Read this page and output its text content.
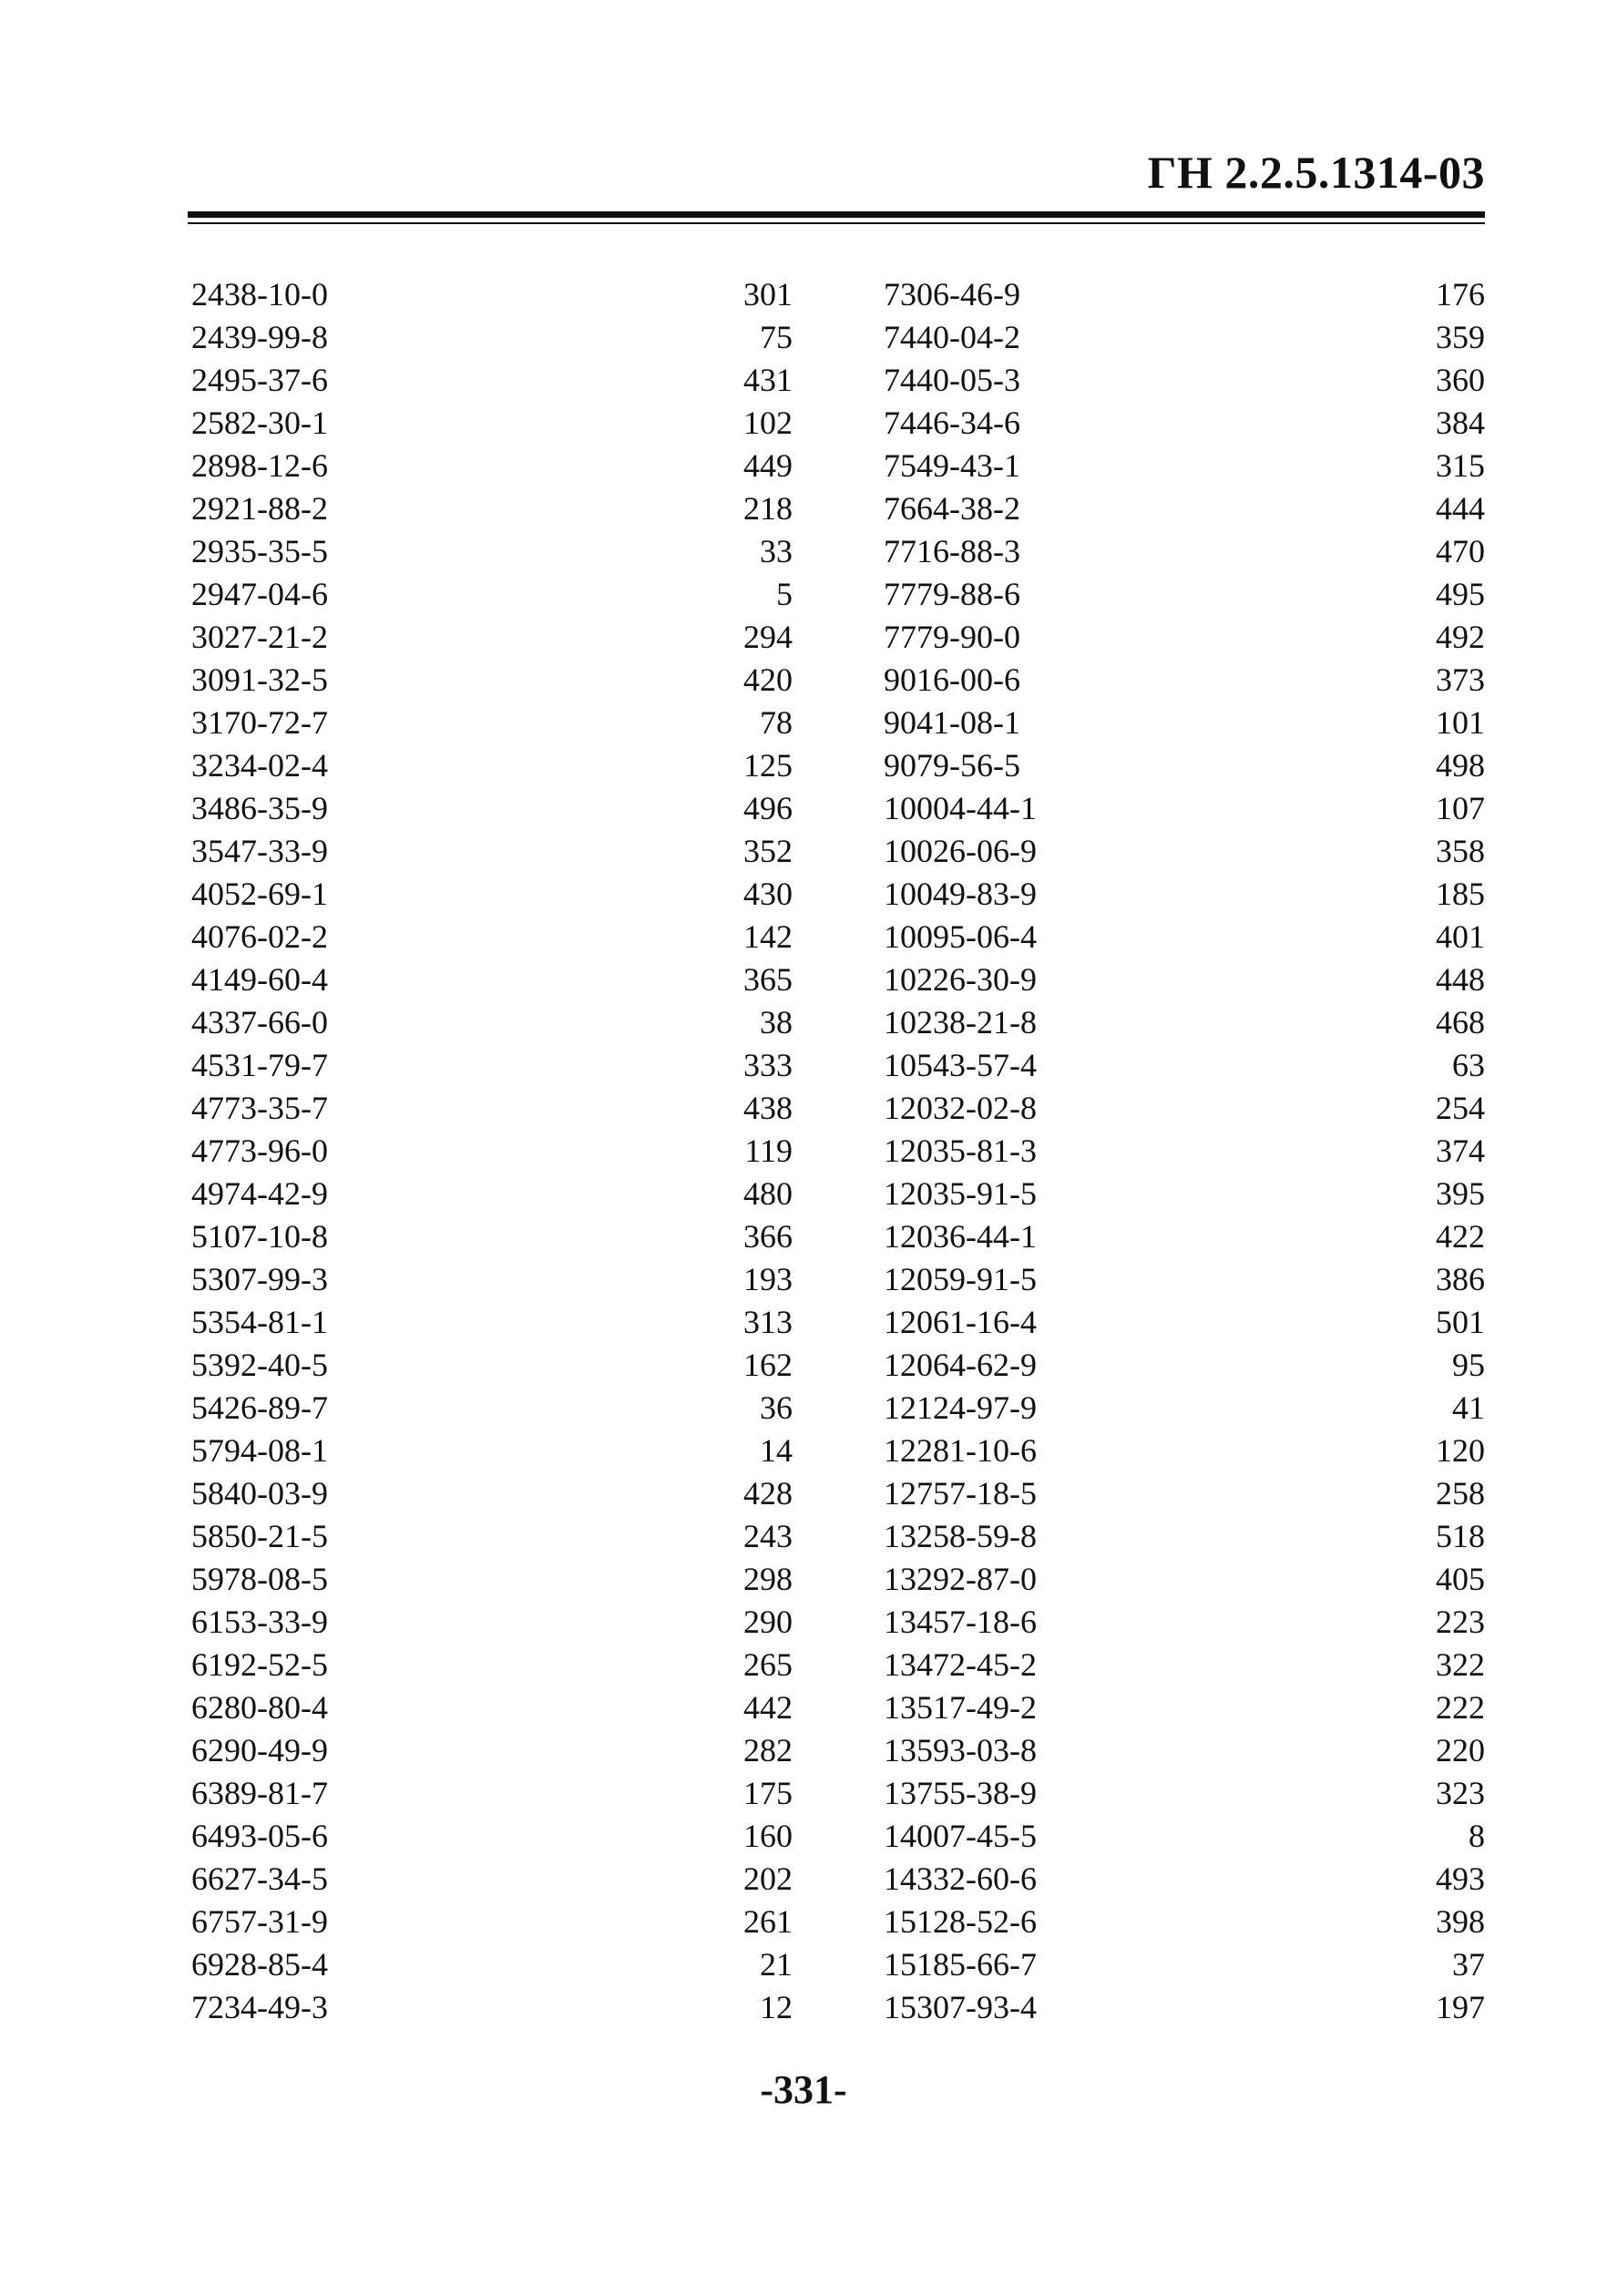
ГН 2.2.5.1314-03
2438-10-0	301	7306-46-9	176
2439-99-8	75	7440-04-2	359
2495-37-6	431	7440-05-3	360
2582-30-1	102	7446-34-6	384
2898-12-6	449	7549-43-1	315
2921-88-2	218	7664-38-2	444
2935-35-5	33	7716-88-3	470
2947-04-6	5	7779-88-6	495
3027-21-2	294	7779-90-0	492
3091-32-5	420	9016-00-6	373
3170-72-7	78	9041-08-1	101
3234-02-4	125	9079-56-5	498
3486-35-9	496	10004-44-1	107
3547-33-9	352	10026-06-9	358
4052-69-1	430	10049-83-9	185
4076-02-2	142	10095-06-4	401
4149-60-4	365	10226-30-9	448
4337-66-0	38	10238-21-8	468
4531-79-7	333	10543-57-4	63
4773-35-7	438	12032-02-8	254
4773-96-0	119	12035-81-3	374
4974-42-9	480	12035-91-5	395
5107-10-8	366	12036-44-1	422
5307-99-3	193	12059-91-5	386
5354-81-1	313	12061-16-4	501
5392-40-5	162	12064-62-9	95
5426-89-7	36	12124-97-9	41
5794-08-1	14	12281-10-6	120
5840-03-9	428	12757-18-5	258
5850-21-5	243	13258-59-8	518
5978-08-5	298	13292-87-0	405
6153-33-9	290	13457-18-6	223
6192-52-5	265	13472-45-2	322
6280-80-4	442	13517-49-2	222
6290-49-9	282	13593-03-8	220
6389-81-7	175	13755-38-9	323
6493-05-6	160	14007-45-5	8
6627-34-5	202	14332-60-6	493
6757-31-9	261	15128-52-6	398
6928-85-4	21	15185-66-7	37
7234-49-3	12	15307-93-4	197
-331-
